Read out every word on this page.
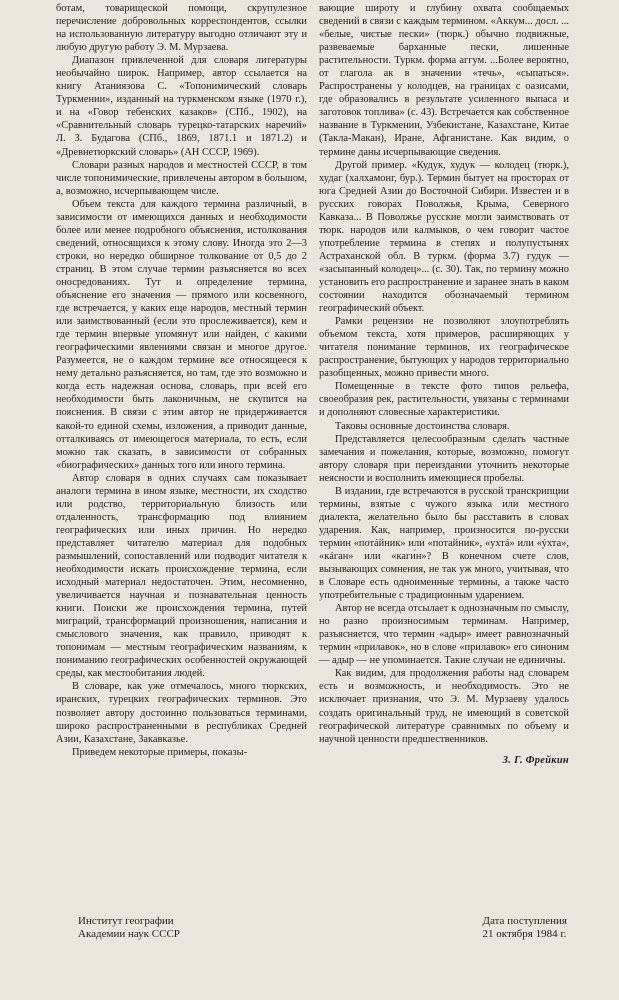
ботам, товарищеской помощи, скрупулезное перечисление добровольных корреспондентов, ссылки на использованную литературу выгодно отличают эту и любую другую работу Э. М. Мурзаева.

Диапазон привлеченной для словаря литературы необычайно широк. Например, автор ссылается на книгу Атаниязова С. «Топонимический словарь Туркмении», изданный на туркменском языке (1970 г.), и на «Говор тебенских казаков» (СПб., 1902), на «Сравнительный словарь турецко-татарских наречий» Л. З. Будагова (СПб., 1869, 1871.1 и 1871.2) и «Древнетюркский словарь» (АН СССР, 1969).

Словари разных народов и местностей СССР, в том числе топонимические, привлечены автором в большом, а, возможно, исчерпывающем числе.

Объем текста для каждого термина различный, в зависимости от имеющихся данных и необходимости более или менее подробного объяснения, истолкования сведений, относящихся к этому слову. Иногда это 2—3 строки, но нередко обширное толкование от 0,5 до 2 страниц. В этом случае термин разъясняется во всех оносредованиях. Тут и определение термина, объяснение его значения — прямого или косвенного, где встречается, у каких еще народов, местный термин или заимствованный (если это прослеживается), кем и где термин впервые упомянут или найден, с какими географическими явлениями связан и многое другое. Разумеется, не о каждом термине все относящееся к нему детально разъясняется, но там, где это возможно и когда есть надежная основа, словарь, при всей его необходимости быть лаконичным, не скупится на пояснения. В связи с этим автор не придерживается какой-то единой схемы, изложения, а приводит данные, отталкиваясь от имеющегося материала, то есть, если можно так сказать, в зависимости от собранных «биографических» данных того или иного термина.

Автор словаря в одних случаях сам показывает аналоги термина в ином языке, местности, их сходство или родство, территориальную близость или отдаленность, трансформацию под влиянием географических или иных причин. Но нередко представляет читателю материал для подобных размышлений, сопоставлений или подводит читателя к необходимости искать происхождение термина, если исходный материал недостаточен. Этим, несомненно, увеличивается научная и познавательная ценность книги. Поиски же происхождения термина, путей миграций, трансформаций произношения, написания и смыслового значения, как правило, приводят к топонимам — местным географическим названиям, к пониманию географических особенностей окружающей среды, как местообитания людей.

В словаре, как уже отмечалось, много тюркских, иранских, турецких географических терминов. Это позволяет автору достоинно пользоваться терминами, широко распространенными в республиках Средней Азии, Казахстане, Закавказье.

Приведем некоторые примеры, показы-

вающие широту и глубину охвата сообщаемых сведений в связи с каждым термином. «Аккум... досл. ... «белые, чистые пески» (тюрк.) обычно подвижные, развеваемые барханные пески, лишенные растительности. Туркм. форма аггум. ...Более вероятно, от глагола ак в значении «течь», «сыпаться». Распространены у колодцев, на границах с оазисами, где образовались в результате усиленного выпаса и заготовок топлива» (с. 43). Встречается как собственное название в Туркмении, Узбекистане, Казахстане, Китае (Такла-Макан), Иране, Афганистане. Как видим, о термине даны исчерпывающие сведения.

Другой пример. «Кудук, худук — колодец (тюрк.), худаг (халхамонг, бур.). Термин бытует на просторах от юга Средней Азии до Восточной Сибири. Известен и в русских говорах Поволжья, Крыма, Северного Кавказа... В Поволжье русские могли заимствовать от тюрк. народов или калмыков, о чем говорит частое употребление термина в степях и полупустынях Астраханской обл. В туркм. (форма 3.7) гудук — «засыпанный колодец»... (с. 30). Так, по термину можно установить его распространение и заранее знать в каком состоянии находится обозначаемый термином географический объект.

Рамки рецензии не позволяют злоупотреблять объемом текста, хотя примеров, расширяющих у читателя понимание терминов, их географическое распространение, бытующих у народов территориально разобщенных, можно привести много.

Помещенные в тексте фото типов рельефа, своеобразия рек, растительности, увязаны с терминами и дополняют словесные характеристики.

Таковы основные достоинства словаря.

Представляется целесообразным сделать частные замечания и пожелания, которые, возможно, помогут автору словаря при переиздании уточнить некоторые неясности и восполнить имеющиеся пробелы.

В издании, где встречаются в русской транскрипции термины, взятые с чужого языка или местного диалекта, желательно было бы расставить в словах ударения. Как, например, произносится по-русски термин «потáйник» или «потайни́к», «ухтá» или «ýхта», «кáган» или «каги́н»? В конечном счете слов, вызывающих сомнения, не так уж много, учитывая, что в Словаре есть одноименные термины, а также часто употребительные с традиционным ударением.

Автор не всегда отсылает к однозначным по смыслу, но разно произносимым терминам. Например, разъясняется, что термин «адыр» имеет равнозначный термин «прилавок», но в слове «прилавок» его синоним — адыр — не упоминается. Такие случаи не единичны.

Как видим, для продолжения работы над словарем есть и возможность, и необходимость. Это не исключает признания, что Э. М. Мурзаеву удалось создать оригинальный труд, не имеющий в советской географической литературе сравнимых по объему и научной ценности предшественников.

З. Г. Фрейкин
Институт географии
Академии наук СССР
Дата поступления
21 октября 1984 г.
